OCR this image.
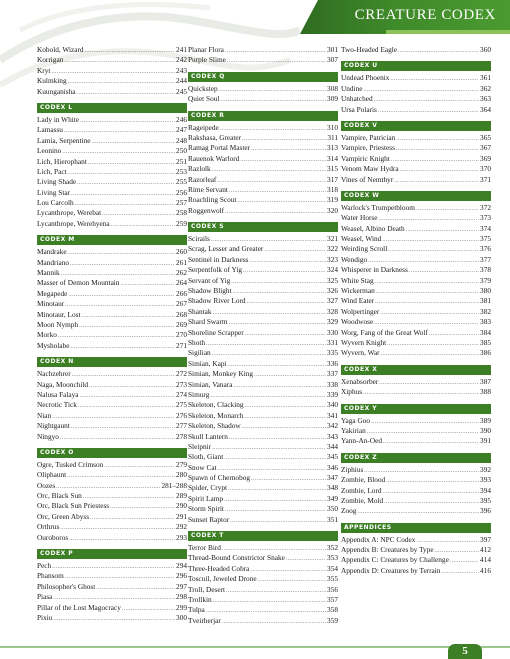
CREATURE CODEX
Kobold, Wizard .....	241
Korrigan .....	242
Kryt .....	243
Kulmking .....	244
Kuunganisha .....	245
CODEX L
Lady in White .....	246
Lamassu .....	247
Lamia, Serpentine .....	248
Leonino .....	250
Lich, Hierophant .....	251
Lich, Pact .....	253
Living Shade .....	255
Living Star .....	256
Lou Carcolh .....	257
Lycanthrope, Werebat .....	258
Lycanthrope, Werehyena .....	259
CODEX M
Mandrake .....	260
Mandriano .....	261
Mannik .....	262
Masser of Demon Mountain .....	264
Megapede .....	266
Minotaur .....	267
Minotaur, Lost .....	268
Moon Nymph .....	269
Morko .....	270
Mysholabe .....	271
CODEX N
Nachzehrer .....	272
Naga, Moonchild .....	273
Nalusa Falaya .....	274
Necrotic Tick .....	275
Nian .....	276
Nightgaunt .....	277
Ningyo .....	278
CODEX O
Ogre, Tusked Crimson .....	279
Oliphaunt .....	280
Oozes .....	281–288
Orc, Black Sun .....	289
Orc, Black Sun Priestess .....	290
Orc, Green Abyss .....	291
Orthrus .....	292
Ouroboros .....	293
CODEX P
Pech .....	294
Phansom .....	296
Philosopher's Ghost .....	297
Piasa .....	298
Pillar of the Lost Magocracy .....	299
Pixiu .....	300
Planar Flora .....	301
Purple Slime .....	307
CODEX Q
Quickstep .....	308
Quiet Soul .....	309
CODEX R
Rageipede .....	310
Rakshasa, Greater .....	311
Ramag Portal Master .....	313
Rauenok Warlord .....	314
Razlolk .....	315
Razorleaf .....	317
Rime Servant .....	318
Roachling Scout .....	319
Roggenwolf .....	320
CODEX S
Scirails .....	321
Scrag, Lesser and Greater .....	322
Sentinel in Darkness .....	323
Serpentfolk of Yig .....	324
Servant of Yig .....	325
Shadow Blight .....	326
Shadow River Lord .....	327
Shantak .....	328
Shard Swarm .....	329
Shoreline Scrapper .....	330
Shoth .....	331
Sigilian .....	335
Simian, Kapi .....	336
Simian, Monkey King .....	337
Simian, Vanara .....	338
Simurg .....	339
Skeleton, Clacking .....	340
Skeleton, Monarch .....	341
Skeleton, Shadow .....	342
Skull Lantern .....	343
Sleipnir .....	344
Sloth, Giant .....	345
Snow Cat .....	346
Spawn of Chernobog .....	347
Spider, Crypt .....	348
Spirit Lamp .....	349
Storm Spirit .....	350
Sunset Raptor .....	351
CODEX T
Terror Bird .....	352
Thread-Bound Constrictor Snake .....	353
Three-Headed Cobra .....	354
Toscuil, Jeweled Drone .....	355
Troll, Desert .....	356
Trollkin .....	357
Tulpa .....	358
Tveirherjar .....	359
Two-Headed Eagle .....	360
CODEX U
Undead Phoenix .....	361
Undine .....	362
Unhatched .....	363
Ursa Polaris .....	364
CODEX V
Vampire, Patrician .....	365
Vampire, Priestess .....	367
Vampiric Knight .....	369
Venom Maw Hydra .....	370
Vines of Nemthyr .....	371
CODEX W
Warlock's Trumpetbloom .....	372
Water Horse .....	373
Weasel, Albino Death .....	374
Weasel, Wind .....	375
Weirding Scroll .....	376
Wendigo .....	377
Whisperer in Darkness .....	378
White Stag .....	379
Wickerman .....	380
Wind Eater .....	381
Wolpertinger .....	382
Woodwose .....	383
Worg, Fang of the Great Wolf .....	384
Wyvern Knight .....	385
Wyvern, War .....	386
CODEX X
Xenabsorber .....	387
Xiphus .....	388
CODEX Y
Yaga Goo .....	389
Yakirian .....	390
Yann-An-Oed .....	391
CODEX Z
Ziphius .....	392
Zombie, Blood .....	393
Zombie, Lord .....	394
Zombie, Mold .....	395
Zoog .....	396
APPENDICES
Appendix A: NPC Codex .....	397
Appendix B: Creatures by Type .....	412
Appendix C: Creatures by Challenge .....	414
Appendix D: Creatures by Terrain .....	416
5
